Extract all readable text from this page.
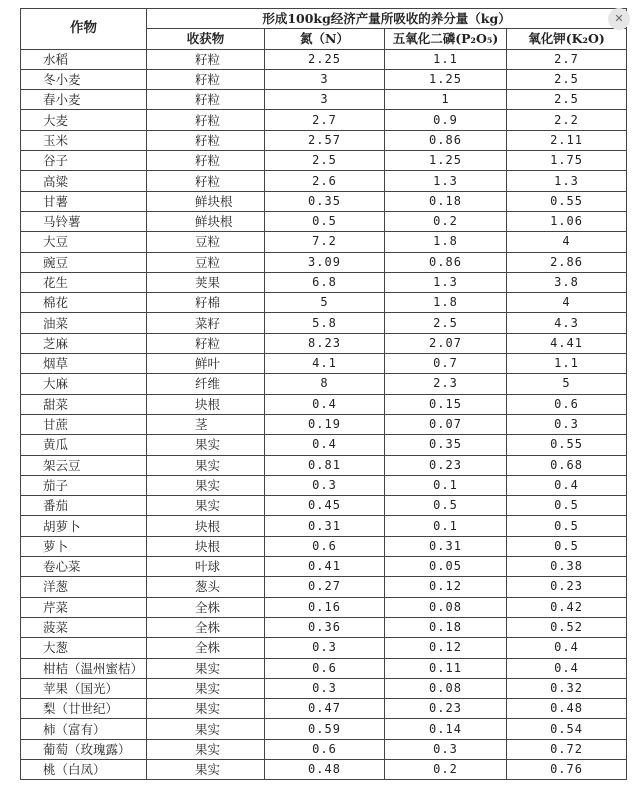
作物	形成100kg经济产量所吸收的养分量（kg）			
	收获物	氮（N）	五氧化二磷(P₂O₅)	氧化钾(K₂O)
水稻	籽粒	2.25	1.1	2.7
冬小麦	籽粒	3	1.25	2.5
春小麦	籽粒	3	1	2.5
大麦	籽粒	2.7	0.9	2.2
玉米	籽粒	2.57	0.86	2.11
谷子	籽粒	2.5	1.25	1.75
高粱	籽粒	2.6	1.3	1.3
甘薯	鲜块根	0.35	0.18	0.55
马铃薯	鲜块根	0.5	0.2	1.06
大豆	豆粒	7.2	1.8	4
豌豆	豆粒	3.09	0.86	2.86
花生	荚果	6.8	1.3	3.8
棉花	籽棉	5	1.8	4
油菜	菜籽	5.8	2.5	4.3
芝麻	籽粒	8.23	2.07	4.41
烟草	鲜叶	4.1	0.7	1.1
大麻	纤维	8	2.3	5
甜菜	块根	0.4	0.15	0.6
甘蔗	茎	0.19	0.07	0.3
黄瓜	果实	0.4	0.35	0.55
架云豆	果实	0.81	0.23	0.68
茄子	果实	0.3	0.1	0.4
番茄	果实	0.45	0.5	0.5
胡萝卜	块根	0.31	0.1	0.5
萝卜	块根	0.6	0.31	0.5
卷心菜	叶球	0.41	0.05	0.38
洋葱	葱头	0.27	0.12	0.23
芹菜	全株	0.16	0.08	0.42
菠菜	全株	0.36	0.18	0.52
大葱	全株	0.3	0.12	0.4
柑桔（温州蜜桔）	果实	0.6	0.11	0.4
苹果（国光）	果实	0.3	0.08	0.32
梨（廿世纪）	果实	0.47	0.23	0.48
柿（富有）	果实	0.59	0.14	0.54
葡萄（玫瑰露）	果实	0.6	0.3	0.72
桃（白凤）	果实	0.48	0.2	0.76
✕
